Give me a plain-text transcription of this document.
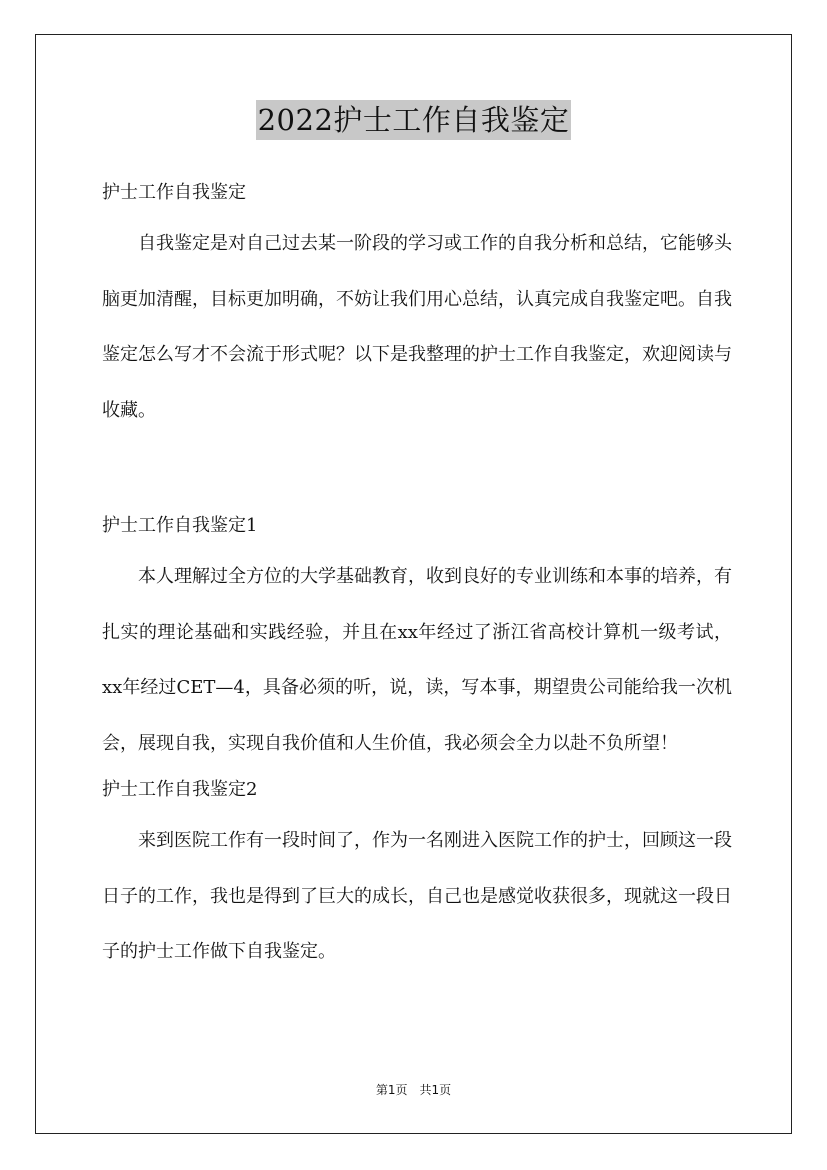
2022护士工作自我鉴定

护士工作自我鉴定

自我鉴定是对自己过去某一阶段的学习或工作的自我分析和总结，它能够头脑更加清醒，目标更加明确，不妨让我们用心总结，认真完成自我鉴定吧。自我鉴定怎么写才不会流于形式呢？以下是我整理的护士工作自我鉴定，欢迎阅读与收藏。

护士工作自我鉴定1

本人理解过全方位的大学基础教育，收到良好的专业训练和本事的培养，有扎实的理论基础和实践经验，并且在xx年经过了浙江省高校计算机一级考试，xx年经过CET—4，具备必须的听，说，读，写本事，期望贵公司能给我一次机会，展现自我，实现自我价值和人生价值，我必须会全力以赴不负所望！

护士工作自我鉴定2

来到医院工作有一段时间了，作为一名刚进入医院工作的护士，回顾这一段日子的工作，我也是得到了巨大的成长，自己也是感觉收获很多，现就这一段日子的护士工作做下自我鉴定。

第1页 共1页
